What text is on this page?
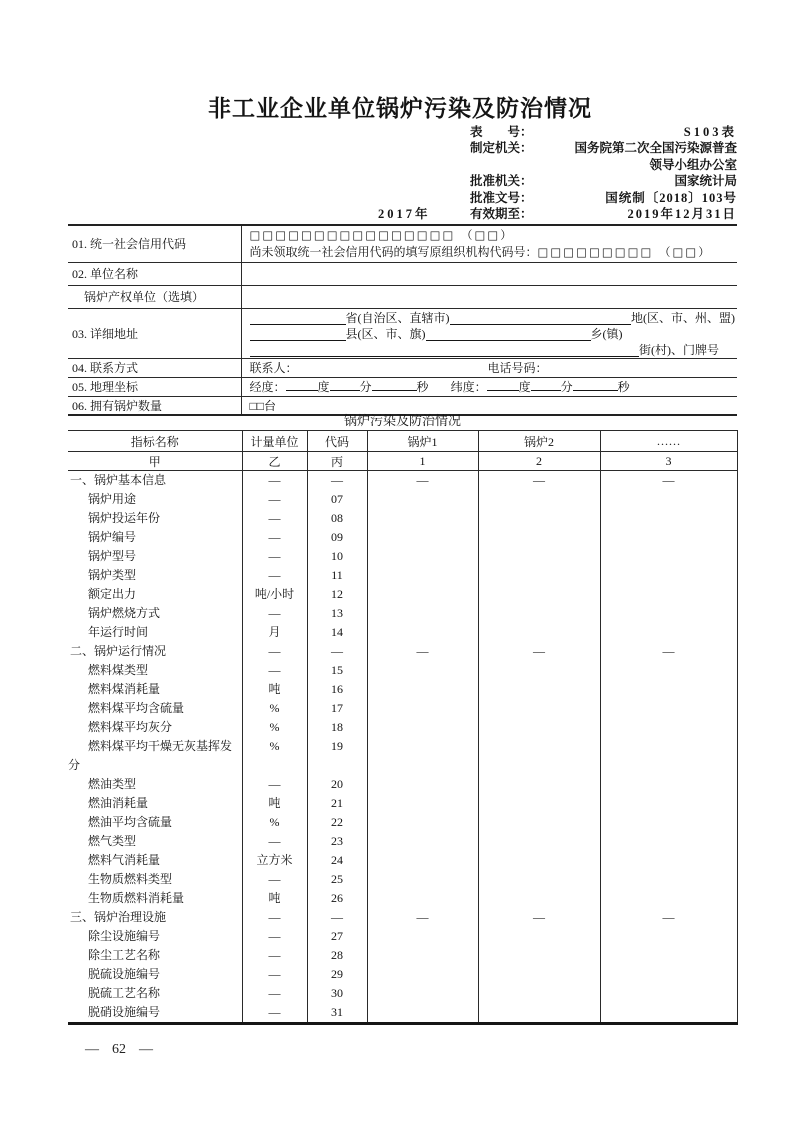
非工业企业单位锅炉污染及防治情况
表　　号：	S103表
制定机关：	国务院第二次全国污染源普查
领导小组办公室
批准机关：	国家统计局
批准文号：	国统制〔2018〕103号
2017年	有效期至：	2019年12月31日
01. 统一社会信用代码	□□□□□□□□□□□□□□□□ （□□）
尚未领取统一社会信用代码的填写原组织机构代码号：□□□□□□□□□ （□□）

02. 单位名称	
锅炉产权单位（选填）	
03. 详细地址	省(自治区、直辖市) 地(区、市、州、盟)
县(区、市、旗) 乡(镇)
街(村)、门牌号

04. 联系方式	联系人： 电话号码：
05. 地理坐标	经度： 度 分 秒 纬度： 度 分 秒
06. 拥有锅炉数量	□□台
锅炉污染及防治情况
指标名称	计量单位	代码	锅炉1	锅炉2	……
甲	乙	丙	1	2	3
一、锅炉基本信息	—	—	—	—	—
锅炉用途	—	07			
锅炉投运年份	—	08			
锅炉编号	—	09			
锅炉型号	—	10			
锅炉类型	—	11			
额定出力	吨/小时	12			
锅炉燃烧方式	—	13			
年运行时间	月	14			
二、锅炉运行情况	—	—	—	—	—
燃料煤类型	—	15			
燃料煤消耗量	吨	16			
燃料煤平均含硫量	%	17			
燃料煤平均灰分	%	18			
燃料煤平均干燥无灰基挥发分	%	19			
燃油类型	—	20			
燃油消耗量	吨	21			
燃油平均含硫量	%	22			
燃气类型	—	23			
燃料气消耗量	立方米	24			
生物质燃料类型	—	25			
生物质燃料消耗量	吨	26			
三、锅炉治理设施	—	—	—	—	—
除尘设施编号	—	27			
除尘工艺名称	—	28			
脱硫设施编号	—	29			
脱硫工艺名称	—	30			
脱硝设施编号	—	31			
— 62 —
